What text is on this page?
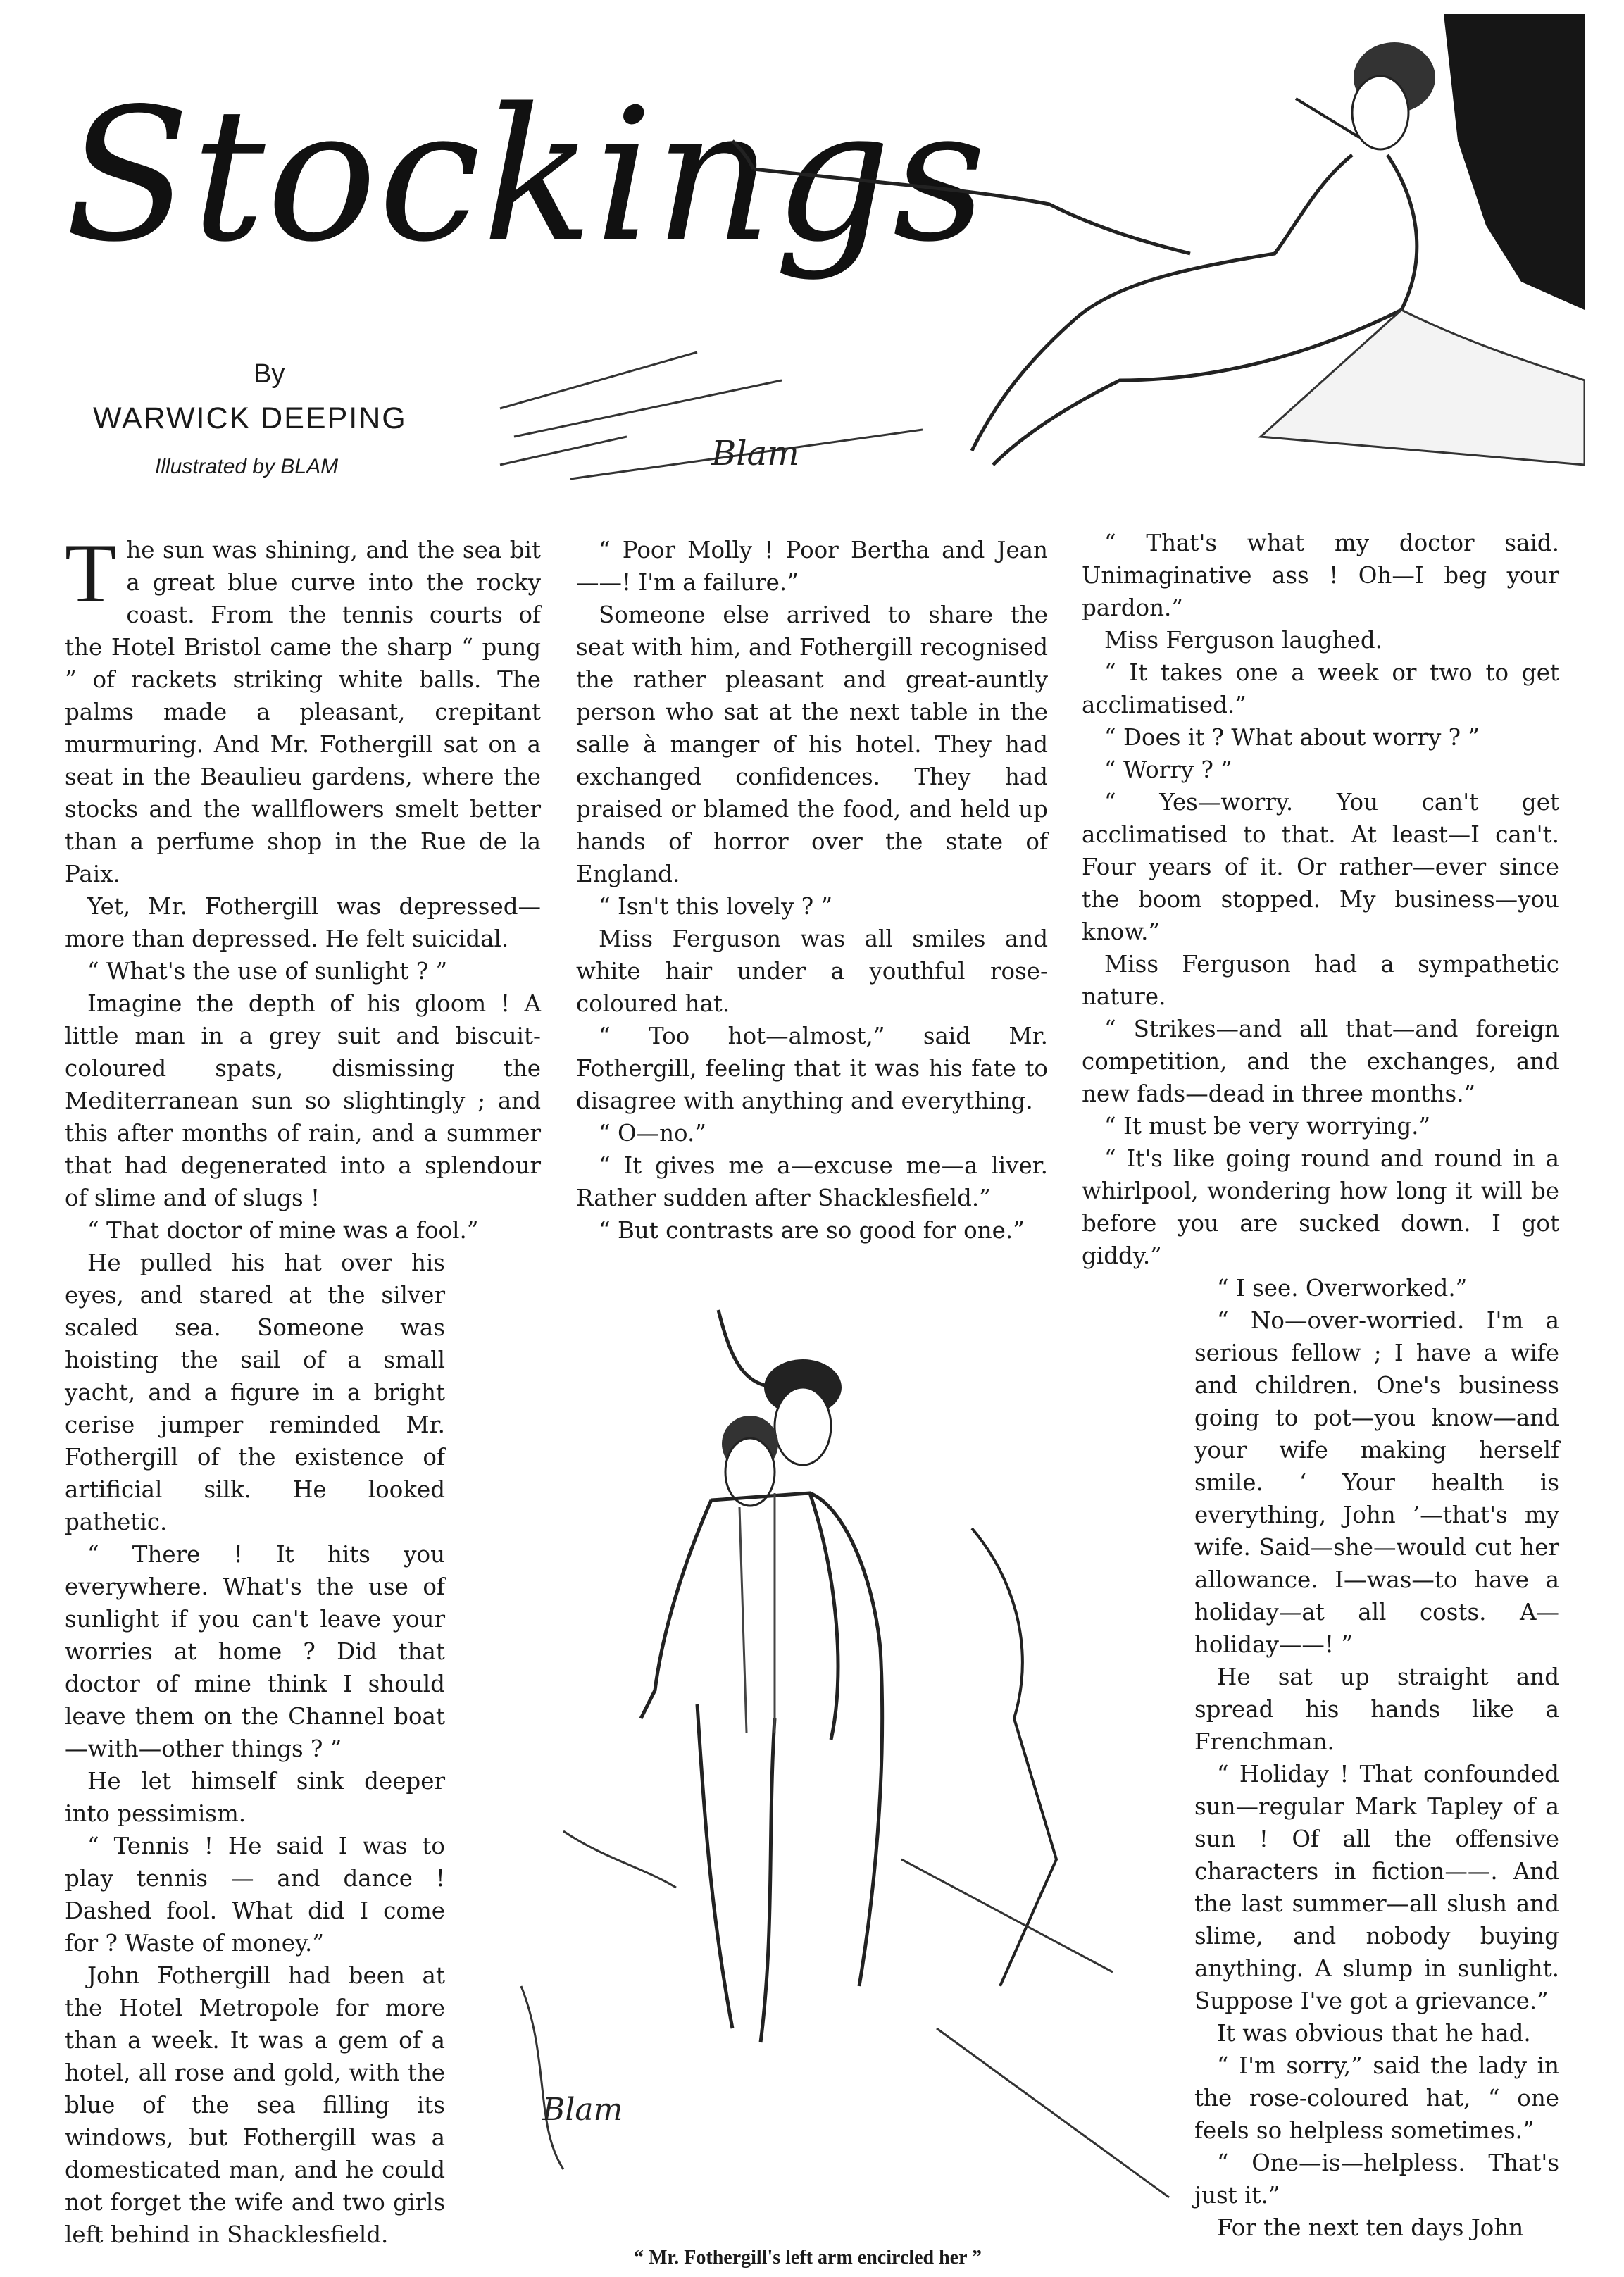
Stockings
By
WARWICK DEEPING
Illustrated by BLAM	Blam

The sun was shining, and the sea bit a great blue curve into the rocky coast. From the tennis courts of the Hotel Bristol came the sharp “ pung ” of rackets striking white balls. The palms made a pleasant, crepitant murmuring. And Mr. Fothergill sat on a seat in the Beaulieu gardens, where the stocks and the wallflowers smelt better than a perfume shop in the Rue de la Paix.

Yet, Mr. Fothergill was depressed—more than depressed. He felt suicidal.

“ What's the use of sunlight ? ”

Imagine the depth of his gloom ! A little man in a grey suit and biscuit-coloured spats, dismissing the Mediterranean sun so slightingly ; and this after months of rain, and a summer that had degenerated into a splendour of slime and of slugs !

“ That doctor of mine was a fool.”

He pulled his hat over his eyes, and stared at the silver scaled sea. Someone was hoisting the sail of a small yacht, and a figure in a bright cerise jumper reminded Mr. Fothergill of the existence of artificial silk. He looked pathetic.

“ There ! It hits you everywhere. What's the use of sunlight if you can't leave your worries at home ? Did that doctor of mine think I should leave them on the Channel boat—with—other things ? ”

He let himself sink deeper into pessimism.

“ Tennis ! He said I was to play tennis — and dance ! Dashed fool. What did I come for ? Waste of money.”

John Fothergill had been at the Hotel Metropole for more than a week. It was a gem of a hotel, all rose and gold, with the blue of the sea filling its windows, but Fothergill was a domesticated man, and he could not forget the wife and two girls left behind in Shacklesfield.

“ Poor Molly ! Poor Bertha and Jean——! I'm a failure.”

Someone else arrived to share the seat with him, and Fothergill recognised the rather pleasant and great-auntly person who sat at the next table in the salle à manger of his hotel. They had exchanged confidences. They had praised or blamed the food, and held up hands of horror over the state of England.

“ Isn't this lovely ? ”

Miss Ferguson was all smiles and white hair under a youthful rose-coloured hat.

“ Too hot—almost,” said Mr. Fothergill, feeling that it was his fate to disagree with anything and everything.

“ O—no.”

“ It gives me a—excuse me—a liver. Rather sudden after Shacklesfield.”

“ But contrasts are so good for one.”

Blam
“ Mr. Fothergill's left arm encircled her ”

“ That's what my doctor said. Unimaginative ass ! Oh—I beg your pardon.”

Miss Ferguson laughed.

“ It takes one a week or two to get acclimatised.”

“ Does it ? What about worry ? ”

“ Worry ? ”

“ Yes—worry. You can't get acclimatised to that. At least—I can't. Four years of it. Or rather—ever since the boom stopped. My business—you know.”

Miss Ferguson had a sympathetic nature.

“ Strikes—and all that—and foreign competition, and the exchanges, and new fads—dead in three months.”

“ It must be very worrying.”

“ It's like going round and round in a whirlpool, wondering how long it will be before you are sucked down. I got giddy.”

“ I see. Overworked.”

“ No—over-worried. I'm a serious fellow ; I have a wife and children. One's business going to pot—you know—and your wife making herself smile. ‘ Your health is everything, John ’—that's my wife. Said—she—would cut her allowance. I—was—to have a holiday—at all costs. A—holiday——! ”

He sat up straight and spread his hands like a Frenchman.

“ Holiday ! That confounded sun—regular Mark Tapley of a sun ! Of all the offensive characters in fiction——. And the last summer—all slush and slime, and nobody buying anything. A slump in sunlight. Suppose I've got a grievance.”

It was obvious that he had.

“ I'm sorry,” said the lady in the rose-coloured hat, “ one feels so helpless sometimes.”

“ One—is—helpless. That's just it.”

For the next ten days John
